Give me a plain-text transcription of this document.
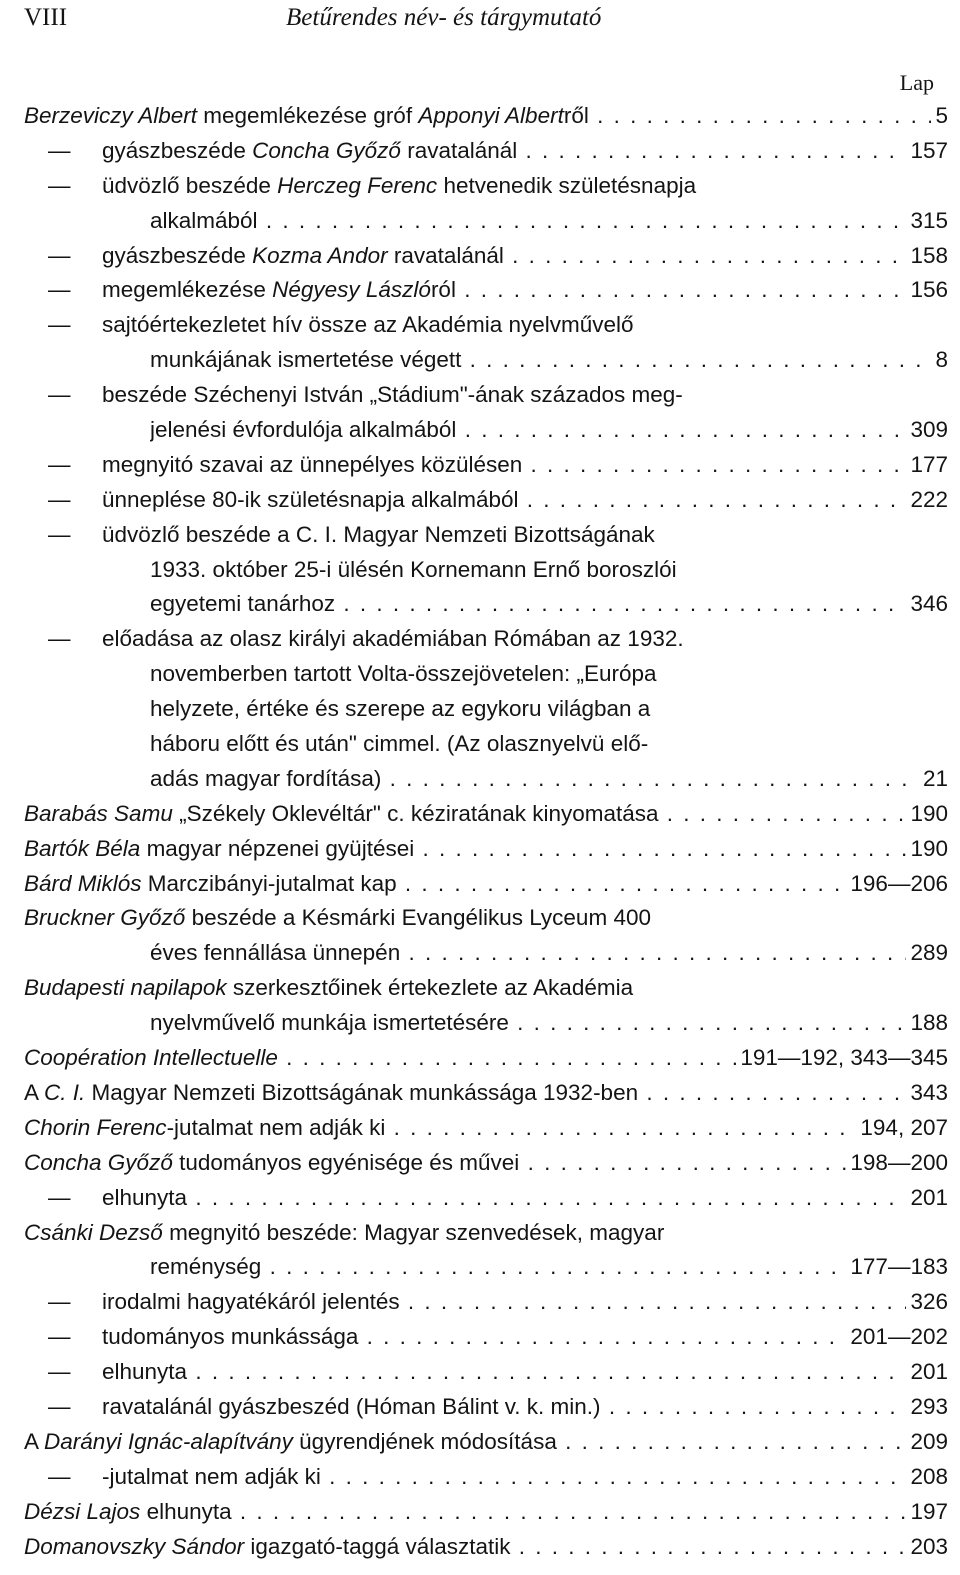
VIII	Betűrendes név- és tárgymutató
Lap
Berzeviczy Albert megemlékezése gróf Apponyi Albertről . . .	5
— gyászbeszéde Concha Győző ravatalánál . . .	157
— üdvözlő beszéde Herczeg Ferenc hetvenedik születésnapja
alkalmából . . .	315
— gyászbeszéde Kozma Andor ravatalánál . . .	158
— megemlékezése Négyesy Lászlóról . . .	156
— sajtóértekezletet hív össze az Akadémia nyelvművelő
munkájának ismertetése végett . . .	8
— beszéde Széchenyi István „Stádium"-ának százados meg-
jelenési évfordulója alkalmából . . .	309
— megnyitó szavai az ünnepélyes közülésen . . .	177
— ünneplése 80-ik születésnapja alkalmából . . .	222
— üdvözlő beszéde a C. I. Magyar Nemzeti Bizottságának
1933. október 25-i ülésén Kornemann Ernő boroszlói
egyetemi tanárhoz . . .	346
— előadása az olasz királyi akadémiában Rómában az 1932.
novemberben tartott Volta-összejövetelen: „Európa
helyzete, értéke és szerepe az egykoru világban a
háboru előtt és után" cimmel. (Az olasznyelvü elő-
adás magyar fordítása) . . .	21
Barabás Samu „Székely Oklevéltár" c. kéziratának kinyomatása . . .	190
Bartók Béla magyar népzenei gyüjtései . . .	190
Bárd Miklós Marczibányi-jutalmat kap . . .	196—206
Bruckner Győző beszéde a Késmárki Evangélikus Lyceum 400
éves fennállása ünnepén . . .	289
Budapesti napilapok szerkesztőinek értekezlete az Akadémia
nyelvművelő munkája ismertetésére . . .	188
Coopération Intellectuelle . . .	191—192, 343—345
A C. I. Magyar Nemzeti Bizottságának munkássága 1932-ben . . .	343
Chorin Ferenc-jutalmat nem adják ki . . .	194, 207
Concha Győző tudományos egyénisége és művei . . .	198—200
— elhunyta . . .	201
Csánki Dezső megnyitó beszéde: Magyar szenvedések, magyar
reménység . . .	177—183
— irodalmi hagyatékáról jelentés . . .	326
— tudományos munkássága . . .	201—202
— elhunyta . . .	201
— ravatalánál gyászbeszéd (Hóman Bálint v. k. min.) . . .	293
A Darányi Ignác-alapítvány ügyrendjének módosítása . . .	209
— -jutalmat nem adják ki . . .	208
Dézsi Lajos elhunyta . . .	197
Domanovszky Sándor igazgató-taggá választatik . . .	203
